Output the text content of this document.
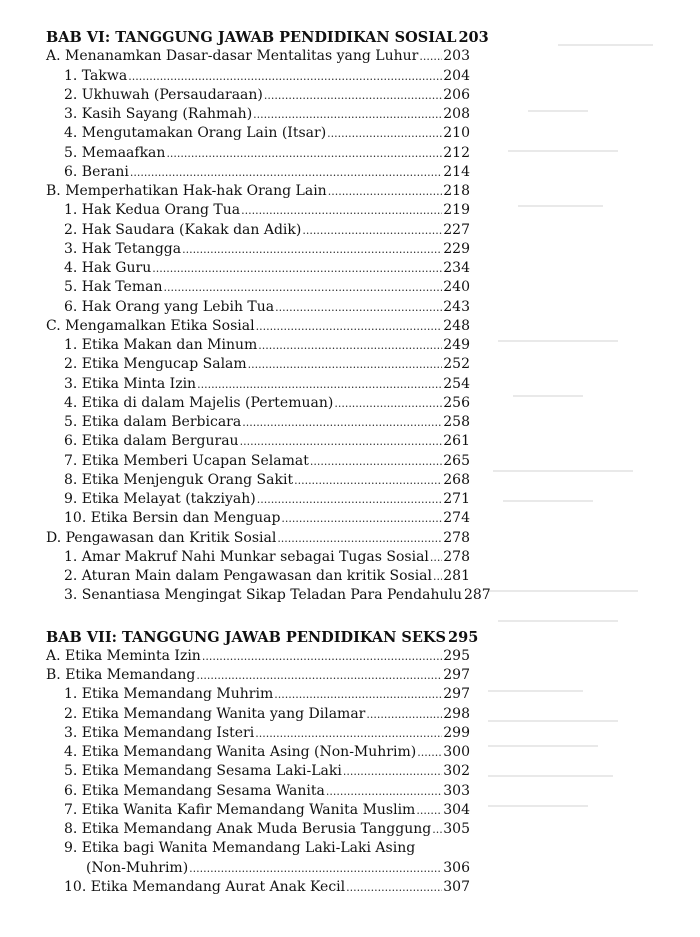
BAB VI: TANGGUNG JAWAB PENDIDIKAN SOSIAL 203
A. Menanamkan Dasar-dasar Mentalitas yang Luhur ..... 203
1. Takwa .....	204
2. Ukhuwah (Persaudaraan) .....	206
3. Kasih Sayang (Rahmah) .....	208
4. Mengutamakan Orang Lain (Itsar) .....	210
5. Memaafkan .....	212
6. Berani .....	214
B. Memperhatikan Hak-hak Orang Lain .....	218
1. Hak Kedua Orang Tua .....	219
2. Hak Saudara (Kakak dan Adik) .....	227
3. Hak Tetangga .....	229
4. Hak Guru .....	234
5. Hak Teman .....	240
6. Hak Orang yang Lebih Tua .....	243
C. Mengamalkan Etika Sosial .....	248
1. Etika Makan dan Minum .....	249
2. Etika Mengucap Salam .....	252
3. Etika Minta Izin .....	254
4. Etika di dalam Majelis (Pertemuan) .....	256
5. Etika dalam Berbicara .....	258
6. Etika dalam Bergurau .....	261
7. Etika Memberi Ucapan Selamat .....	265
8. Etika Menjenguk Orang Sakit .....	268
9. Etika Melayat (takziyah) .....	271
10. Etika Bersin dan Menguap .....	274
D. Pengawasan dan Kritik Sosial .....	278
1. Amar Makruf Nahi Munkar sebagai Tugas Sosial ..... 278
2. Aturan Main dalam Pengawasan dan kritik Sosial ..... 281
3. Senantiasa Mengingat Sikap Teladan Para Pendahulu 287
BAB VII: TANGGUNG JAWAB PENDIDIKAN SEKS 295
A. Etika Meminta Izin .....	295
B. Etika Memandang .....	297
1. Etika Memandang Muhrim .....	297
2. Etika Memandang Wanita yang Dilamar .....	298
3. Etika Memandang Isteri .....	299
4. Etika Memandang Wanita Asing (Non-Muhrim) ..... 300
5. Etika Memandang Sesama Laki-Laki .....	302
6. Etika Memandang Sesama Wanita .....	303
7. Etika Wanita Kafir Memandang Wanita Muslim ..... 304
8. Etika Memandang Anak Muda Berusia Tanggung ..... 305
9. Etika bagi Wanita Memandang Laki-Laki Asing
(Non-Muhrim) .....	306
10. Etika Memandang Aurat Anak Kecil .....	307
